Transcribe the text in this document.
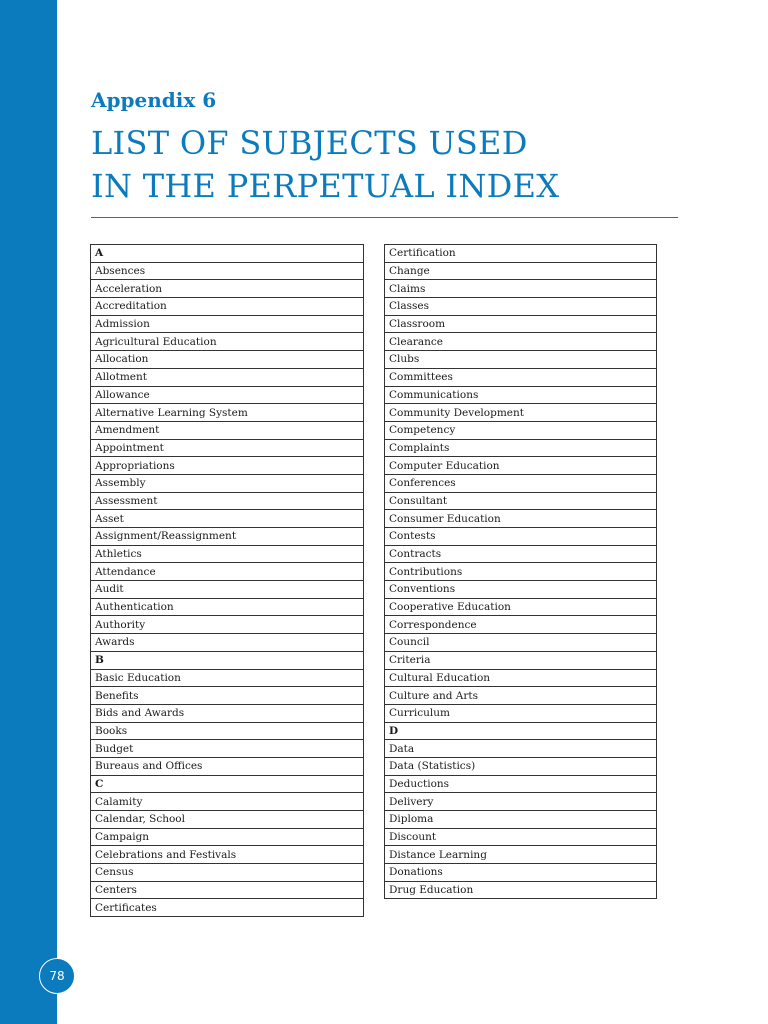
78
Appendix 6
LIST OF SUBJECTS USED
IN THE PERPETUAL INDEX
A
Absences
Acceleration
Accreditation
Admission
Agricultural Education
Allocation
Allotment
Allowance
Alternative Learning System
Amendment
Appointment
Appropriations
Assembly
Assessment
Asset
Assignment/Reassignment
Athletics
Attendance
Audit
Authentication
Authority
Awards
B
Basic Education
Benefits
Bids and Awards
Books
Budget
Bureaus and Offices
C
Calamity
Calendar, School
Campaign
Celebrations and Festivals
Census
Centers
Certificates
Certification
Change
Claims
Classes
Classroom
Clearance
Clubs
Committees
Communications
Community Development
Competency
Complaints
Computer Education
Conferences
Consultant
Consumer Education
Contests
Contracts
Contributions
Conventions
Cooperative Education
Correspondence
Council
Criteria
Cultural Education
Culture and Arts
Curriculum
D
Data
Data (Statistics)
Deductions
Delivery
Diploma
Discount
Distance Learning
Donations
Drug Education
